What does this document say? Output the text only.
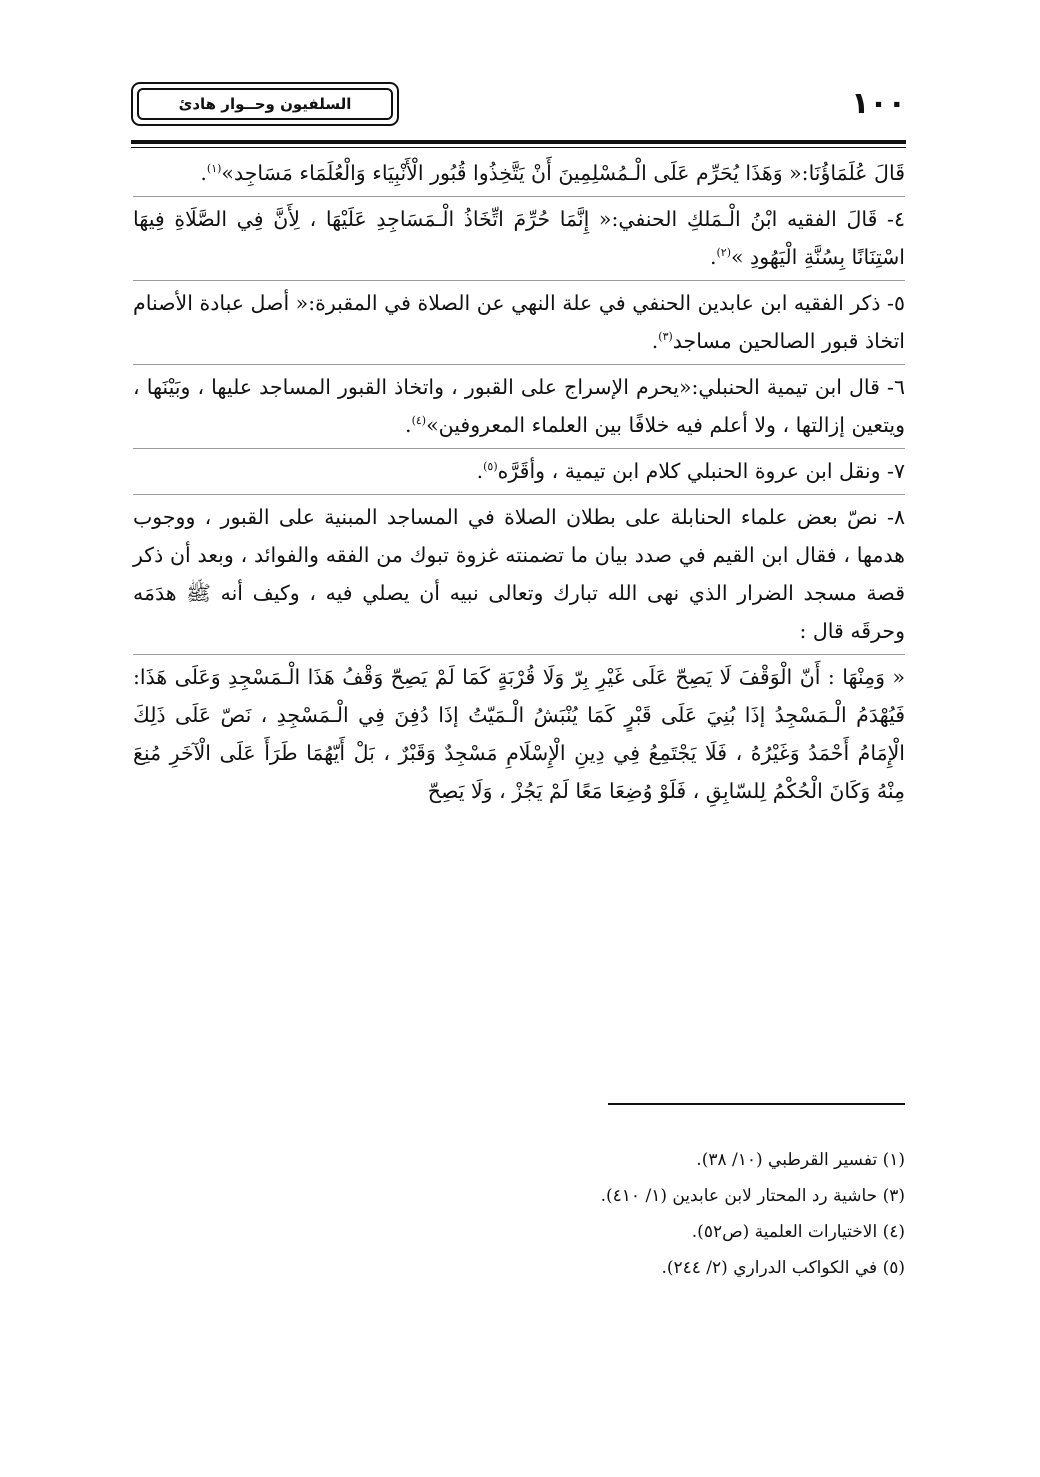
السلفيون وحــوار هادئ	١٠٠

قَالَ عُلَمَاؤُنَا:« وَهَذَا يُحَرِّم عَلَى الْـمُسْلِمِينَ أَنْ يَتَّخِذُوا قُبُور الْأَنْبِيَاء وَالْعُلَمَاء مَسَاجِد»$^{(١)}$.

٤- قَالَ الفقيه ابْنُ الْـمَلكِ الحنفي:« إِنَّمَا حُرِّمَ اتِّخَاذُ الْـمَسَاجِدِ عَلَيْهَا ، لِأَنَّ فِي الصَّلَاةِ فِيهَا اسْتِنَانًا بِسُنَّةِ الْيَهُودِ »$^{(٢)}$.

٥- ذكر الفقيه ابن عابدين الحنفي في علة النهي عن الصلاة في المقبرة:« أصل عبادة الأصنام اتخاذ قبور الصالحين مساجد$^{(٣)}$.

٦- قال ابن تيمية الحنبلي:«يحرم الإسراج على القبور ، واتخاذ القبور المساجد عليها ، وبَيْنَها ، ويتعين إزالتها ، ولا أعلم فيه خلافًا بين العلماء المعروفين»$^{(٤)}$.

٧- ونقل ابن عروة الحنبلي كلام ابن تيمية ، وأقَرَّه$^{(٥)}$.

٨- نصّ بعض علماء الحنابلة على بطلان الصلاة في المساجد المبنية على القبور ، ووجوب هدمها ، فقال ابن القيم في صدد بيان ما تضمنته غزوة تبوك من الفقه والفوائد ، وبعد أن ذكر قصة مسجد الضرار الذي نهى الله تبارك وتعالى نبيه أن يصلي فيه ، وكيف أنه ﷺ هدَمَه وحرقَه قال :

« وَمِنْهَا : أَنّ الْوَقْفَ لَا يَصِحّ عَلَى غَيْرِ بِرّ وَلَا قُرْبَةٍ كَمَا لَمْ يَصِحّ وَقْفُ هَذَا الْـمَسْجِدِ وَعَلَى هَذَا: فَيُهْدَمُ الْـمَسْجِدُ إذَا بُنِيَ عَلَى قَبْرٍ كَمَا يُنْبَشُ الْـمَيّتُ إذَا دُفِنَ فِي الْـمَسْجِدِ ، نَصّ عَلَى ذَلِكَ الْإِمَامُ أَحْمَدُ وَغَيْرُهُ ، فَلَا يَجْتَمِعُ فِي دِينِ الْإِسْلَامِ مَسْجِدٌ وَقَبْرٌ ، بَلْ أَيّهُمَا طَرَأَ عَلَى الْآخَرِ مُنِعَ مِنْهُ وَكَانَ الْحُكْمُ لِلسّابِقِ ، فَلَوْ وُضِعَا مَعًا لَمْ يَجُزْ ، وَلَا يَصِحّ

(١) تفسير القرطبي (١٠/ ٣٨).

(٣) حاشية رد المحتار لابن عابدين (١/ ٤١٠).

(٤) الاختيارات العلمية (ص٥٢).

(٥) في الكواكب الدراري (٢/ ٢٤٤).
